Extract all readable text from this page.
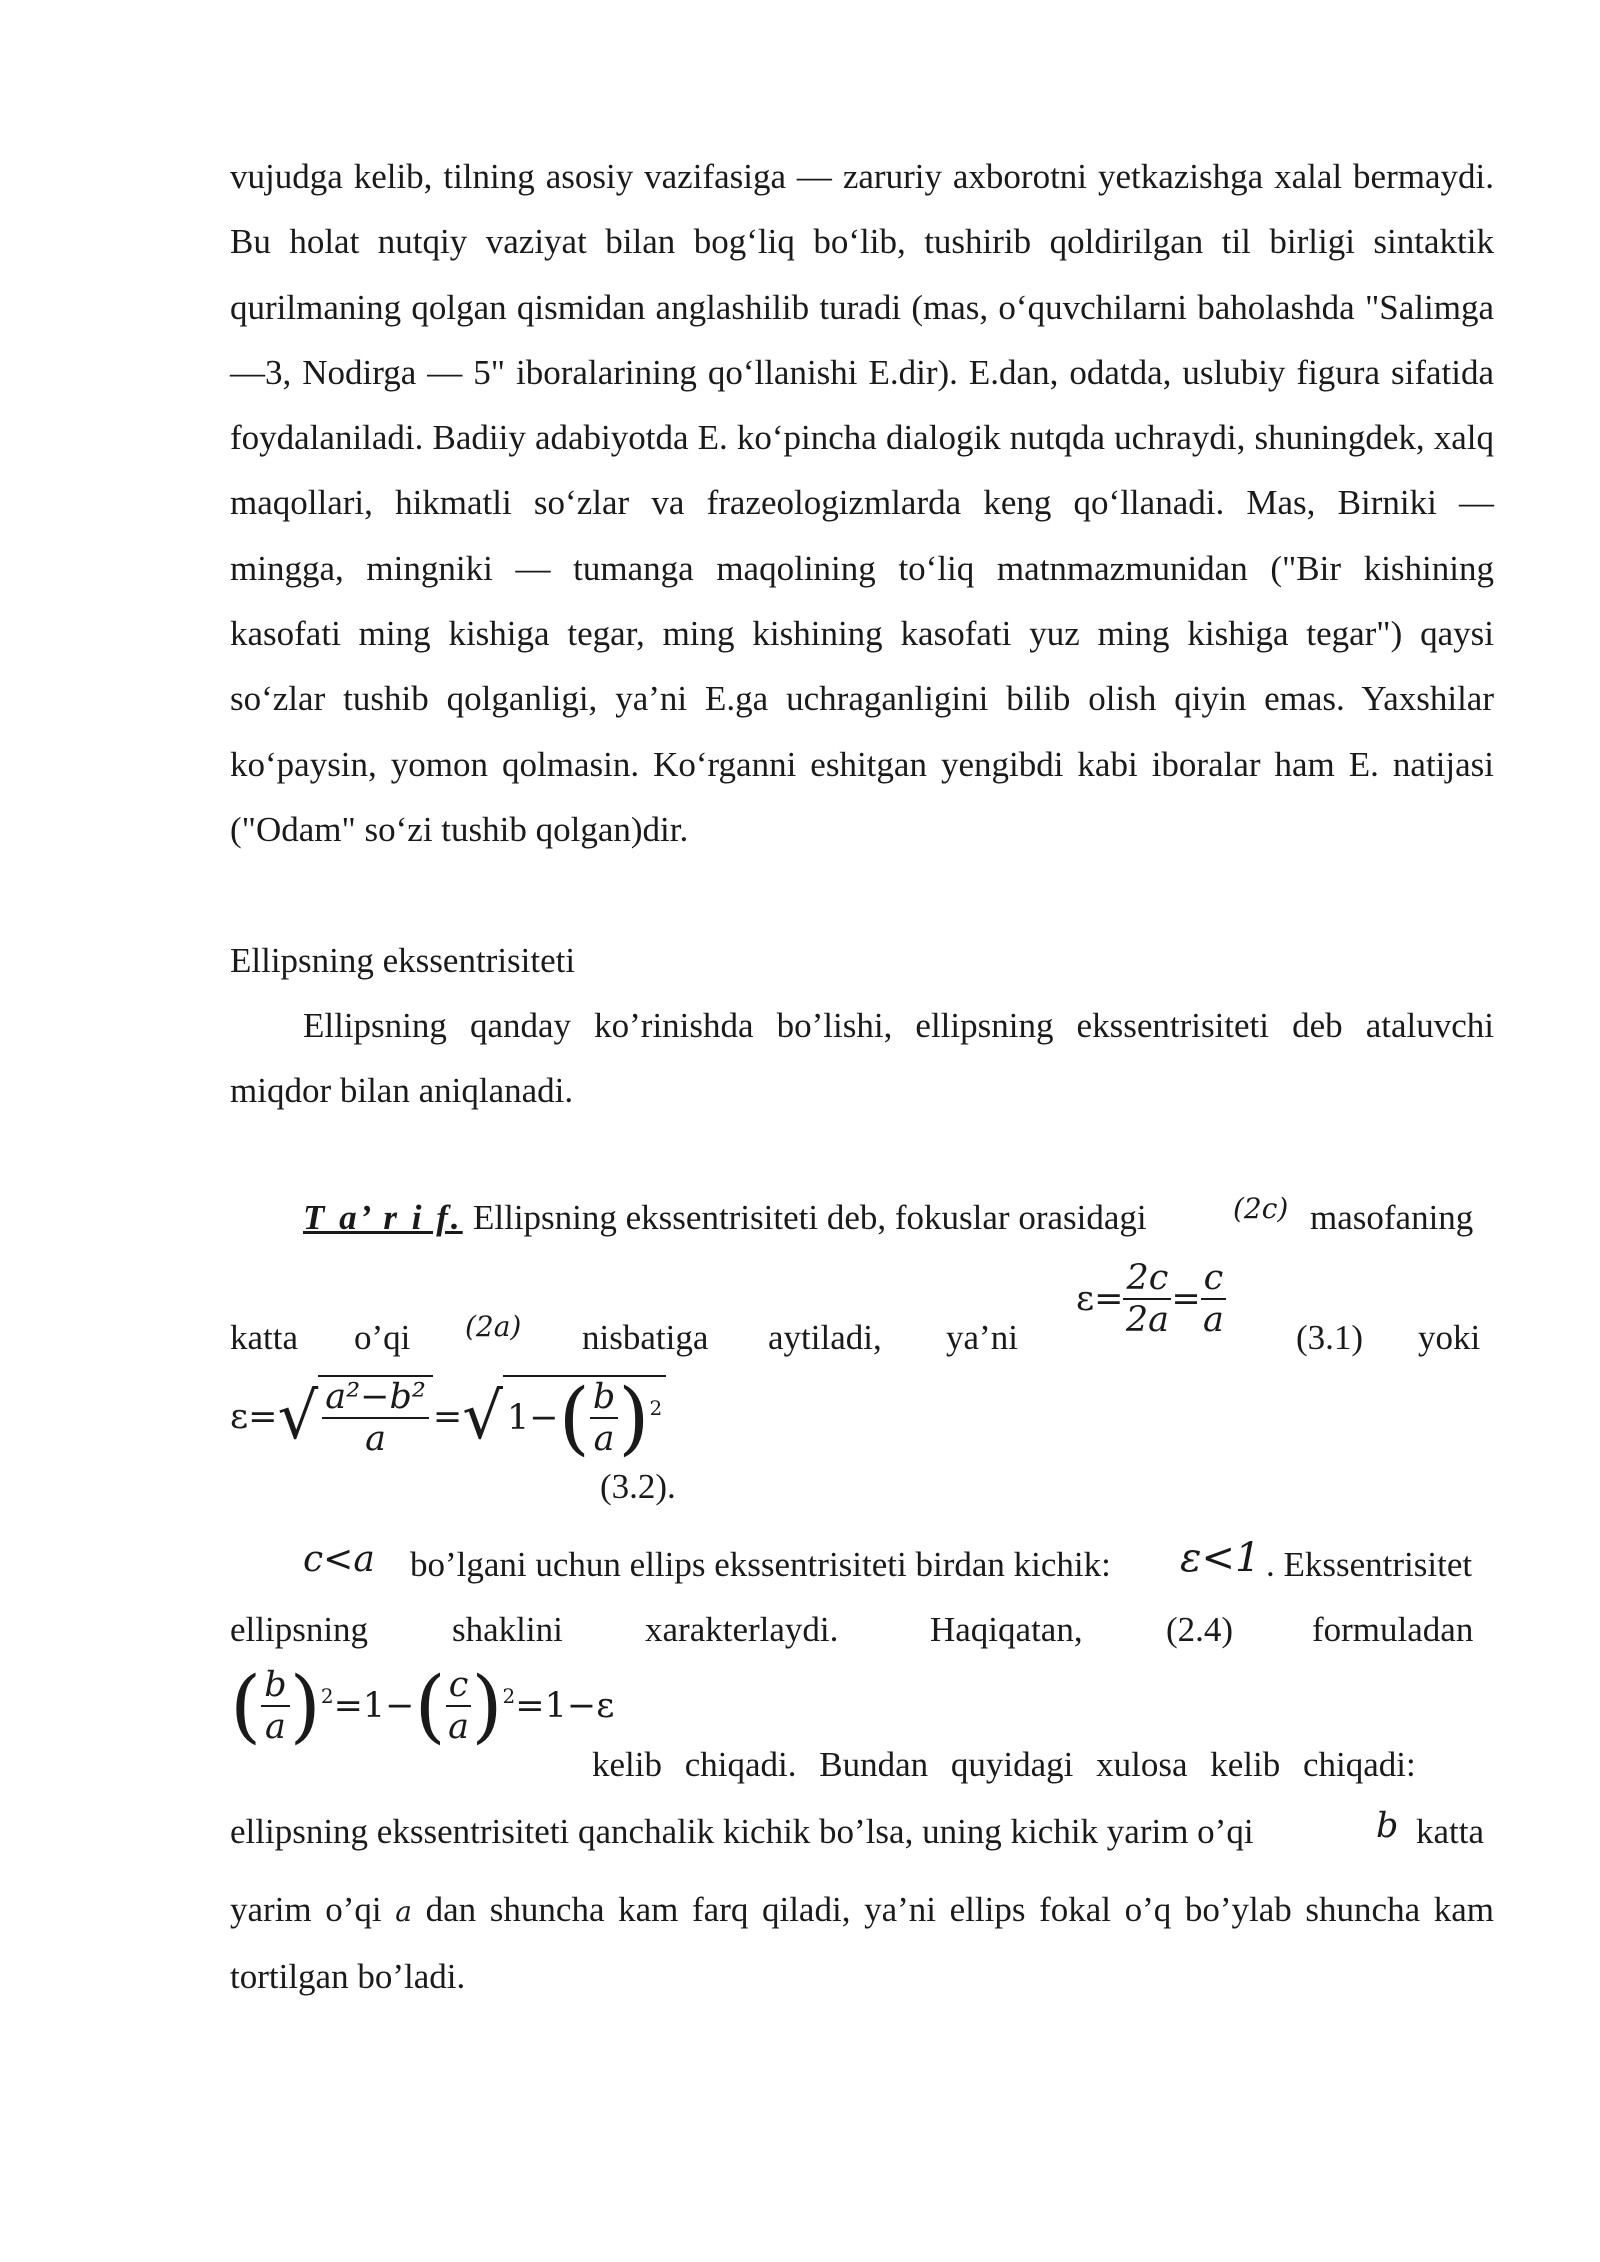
vujudga kelib, tilning asosiy vazifasiga — zaruriy axborotni yetkazishga xalal bermaydi. Bu holat nutqiy vaziyat bilan bog‘liq bo‘lib, tushirib qoldirilgan til birligi sintaktik qurilmaning qolgan qismidan anglashilib turadi (mas, o‘quvchilarni baholashda "Salimga —3, Nodirga — 5" iboralarining qo‘llanishi E.dir). E.dan, odatda, uslubiy figura sifatida foydalaniladi. Badiiy adabiyotda E. ko‘pincha dialogik nutqda uchraydi, shuningdek, xalq maqollari, hikmatli so‘zlar va frazeologizmlarda keng qo‘llanadi. Mas, Birniki — mingga, mingniki — tumanga maqolining to‘liq matnmazmunidan ("Bir kishining kasofati ming kishiga tegar, ming kishining kasofati yuz ming kishiga tegar") qaysi so‘zlar tushib qolganligi, ya’ni E.ga uchraganligini bilib olish qiyin emas. Yaxshilar ko‘paysin, yomon qolmasin. Ko‘rganni eshitgan yengibdi kabi iboralar ham E. natijasi ("Odam" so‘zi tushib qolgan)dir.
Ellipsning ekssentrisiteti
Ellipsning qanday ko’rinishda bo’lishi, ellipsning ekssentrisiteti deb ataluvchi miqdor bilan aniqlanadi.
T a’ r i f. Ellipsning ekssentrisiteti deb, fokuslar orasidagi	(2c) masofaning
katta o’qi (2a) nisbatiga aytiladi, ya’ni
$\varepsilon= \frac{2c}{2a} = \frac{c}{a} (3.1)$ yoki
$\varepsilon=√ \frac{\text{a²−b²}}{a}$ =√ $1-( \frac{b}{a} )^2$
(3.2).
c<a bo’lgani uchun ellips ekssentrisiteti birdan kichik: ε<1 . Ekssentrisitet
ellipsning shaklini xarakterlaydi.	Haqiqatan, (2.4) formuladan
( $\frac{b}{a} )^2=1-( \frac{c}{a} )^2=1-\varepsilon$
kelib chiqadi. Bundan quyidagi xulosa kelib chiqadi:
ellipsning ekssentrisiteti qanchalik kichik bo’lsa, uning kichik yarim o’qi	b katta

yarim o’qi a dan shuncha kam farq qiladi, ya’ni ellips fokal o’q bo’ylab shuncha kam tortilgan bo’ladi.
